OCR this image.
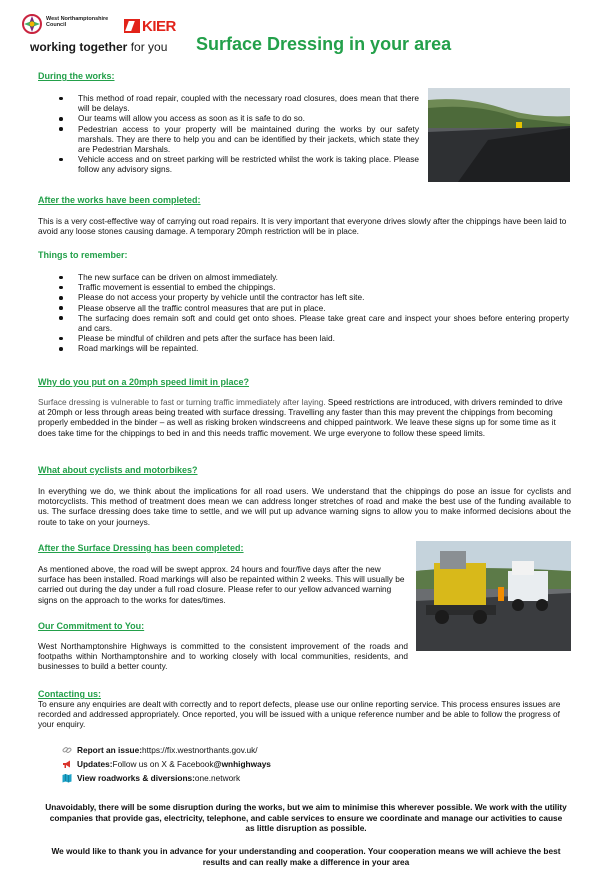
West Northamptonshire Council	KIER
working together for you Surface Dressing in your area
During the works:
This method of road repair, coupled with the necessary road closures, does mean that there will be delays.
Our teams will allow you access as soon as it is safe to do so.
Pedestrian access to your property will be maintained during the works by our safety marshals. They are there to help you and can be identified by their jackets, which state they are Pedestrian Marshals.
Vehicle access and on street parking will be restricted whilst the work is taking place. Please follow any advisory signs.
After the works have been completed:
This is a very cost-effective way of carrying out road repairs. It is very important that everyone drives slowly after the chippings have been laid to avoid any loose stones causing damage. A temporary 20mph restriction will be in place.
Things to remember:
The new surface can be driven on almost immediately.
Traffic movement is essential to embed the chippings.
Please do not access your property by vehicle until the contractor has left site.
Please observe all the traffic control measures that are put in place.
The surfacing does remain soft and could get onto shoes. Please take great care and inspect your shoes before entering property and cars.
Please be mindful of children and pets after the surface has been laid.
Road markings will be repainted.
Why do you put on a 20mph speed limit in place?
Surface dressing is vulnerable to fast or turning traffic immediately after laying. Speed restrictions are introduced, with drivers reminded to drive at 20mph or less through areas being treated with surface dressing. Travelling any faster than this may prevent the chippings from becoming properly embedded in the binder – as well as risking broken windscreens and chipped paintwork. We leave these signs up for some time as it does take time for the chippings to bed in and this needs traffic movement. We urge everyone to follow these speed limits.
What about cyclists and motorbikes?
In everything we do, we think about the implications for all road users. We understand that the chippings do pose an issue for cyclists and motorcyclists. This method of treatment does mean we can address longer stretches of road and make the best use of the funding available to us. The surface dressing does take time to settle, and we will put up advance warning signs to allow you to make informed decisions about the route to take on your journeys.
After the Surface Dressing has been completed:
As mentioned above, the road will be swept approx. 24 hours and four/five days after the new surface has been installed. Road markings will also be repainted within 2 weeks. This will usually be carried out during the day under a full road closure. Please refer to our yellow advanced warning signs on the approach to the works for dates/times.
Our Commitment to You:
West Northamptonshire Highways is committed to the consistent improvement of the roads and footpaths within Northamptonshire and to working closely with local communities, residents, and businesses to build a better county.
Contacting us:
To ensure any enquiries are dealt with correctly and to report defects, please use our online reporting service. This process ensures issues are recorded and addressed appropriately. Once reported, you will be issued with a unique reference number and be able to follow the progress of your enquiry.
Report an issue: https://fix.westnorthants.gov.uk/
Updates: Follow us on X & Facebook @wnhighways
View roadworks & diversions: one.network
Unavoidably, there will be some disruption during the works, but we aim to minimise this wherever possible. We work with the utility companies that provide gas, electricity, telephone, and cable services to ensure we coordinate and manage our activities to cause as little disruption as possible.
We would like to thank you in advance for your understanding and cooperation. Your cooperation means we will achieve the best results and can really make a difference in your area
